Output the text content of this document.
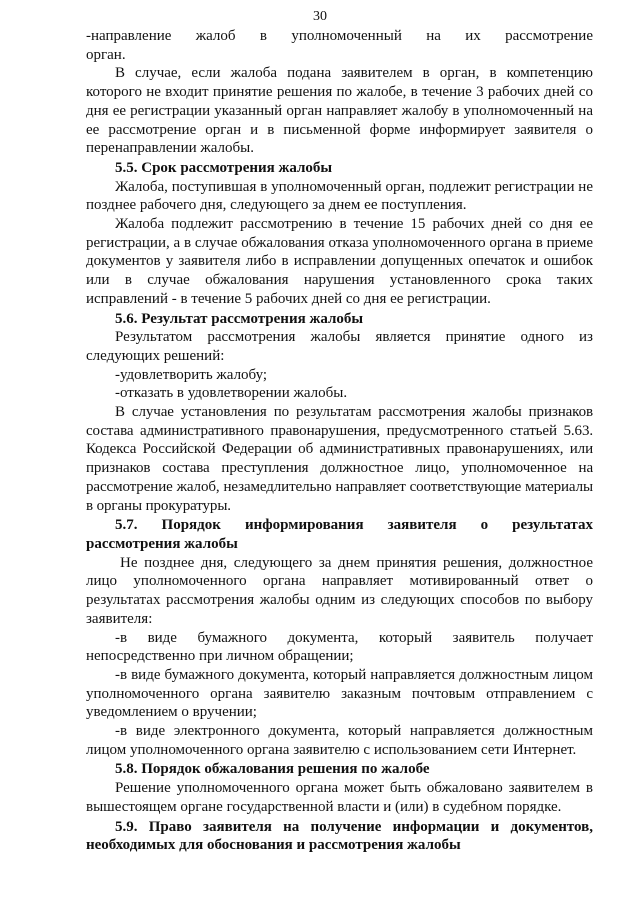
30

-направление жалоб в уполномоченный на их рассмотрение

орган.

В случае, если жалоба подана заявителем в орган, в компетенцию которого не входит принятие решения по жалобе, в течение 3 рабочих дней со дня ее регистрации указанный орган направляет жалобу в уполномоченный на ее рассмотрение орган и в письменной форме информирует заявителя о перенаправлении жалобы.

5.5. Срок рассмотрения жалобы

Жалоба, поступившая в уполномоченный орган, подлежит регистрации не позднее рабочего дня, следующего за днем ее поступления.

Жалоба подлежит рассмотрению в течение 15 рабочих дней со дня ее регистрации, а в случае обжалования отказа уполномоченного органа в приеме документов у заявителя либо в исправлении допущенных опечаток и ошибок или в случае обжалования нарушения установленного срока таких исправлений - в течение 5 рабочих дней со дня ее регистрации.

5.6. Результат рассмотрения жалобы

Результатом рассмотрения жалобы является принятие одного из следующих решений:

-удовлетворить жалобу;

-отказать в удовлетворении жалобы.

В случае установления по результатам рассмотрения жалобы признаков состава административного правонарушения, предусмотренного статьей 5.63. Кодекса Российской Федерации об административных правонарушениях, или признаков состава преступления должностное лицо, уполномоченное на рассмотрение жалоб, незамедлительно направляет соответствующие материалы в органы прокуратуры.

5.7. Порядок информирования заявителя о результатах

рассмотрения жалобы

Не позднее дня, следующего за днем принятия решения, должностное лицо уполномоченного органа направляет мотивированный ответ о результатах рассмотрения жалобы одним из следующих способов по выбору заявителя:

-в виде бумажного документа, который заявитель получает непосредственно при личном обращении;

-в виде бумажного документа, который направляется должностным лицом уполномоченного органа заявителю заказным почтовым отправлением с уведомлением о вручении;

-в виде электронного документа, который направляется должностным лицом уполномоченного органа заявителю с использованием сети Интернет.

5.8. Порядок обжалования решения по жалобе

Решение уполномоченного органа может быть обжаловано заявителем в вышестоящем органе государственной власти и (или) в судебном порядке.

5.9. Право заявителя на получение информации и документов, необходимых для обоснования и рассмотрения жалобы
